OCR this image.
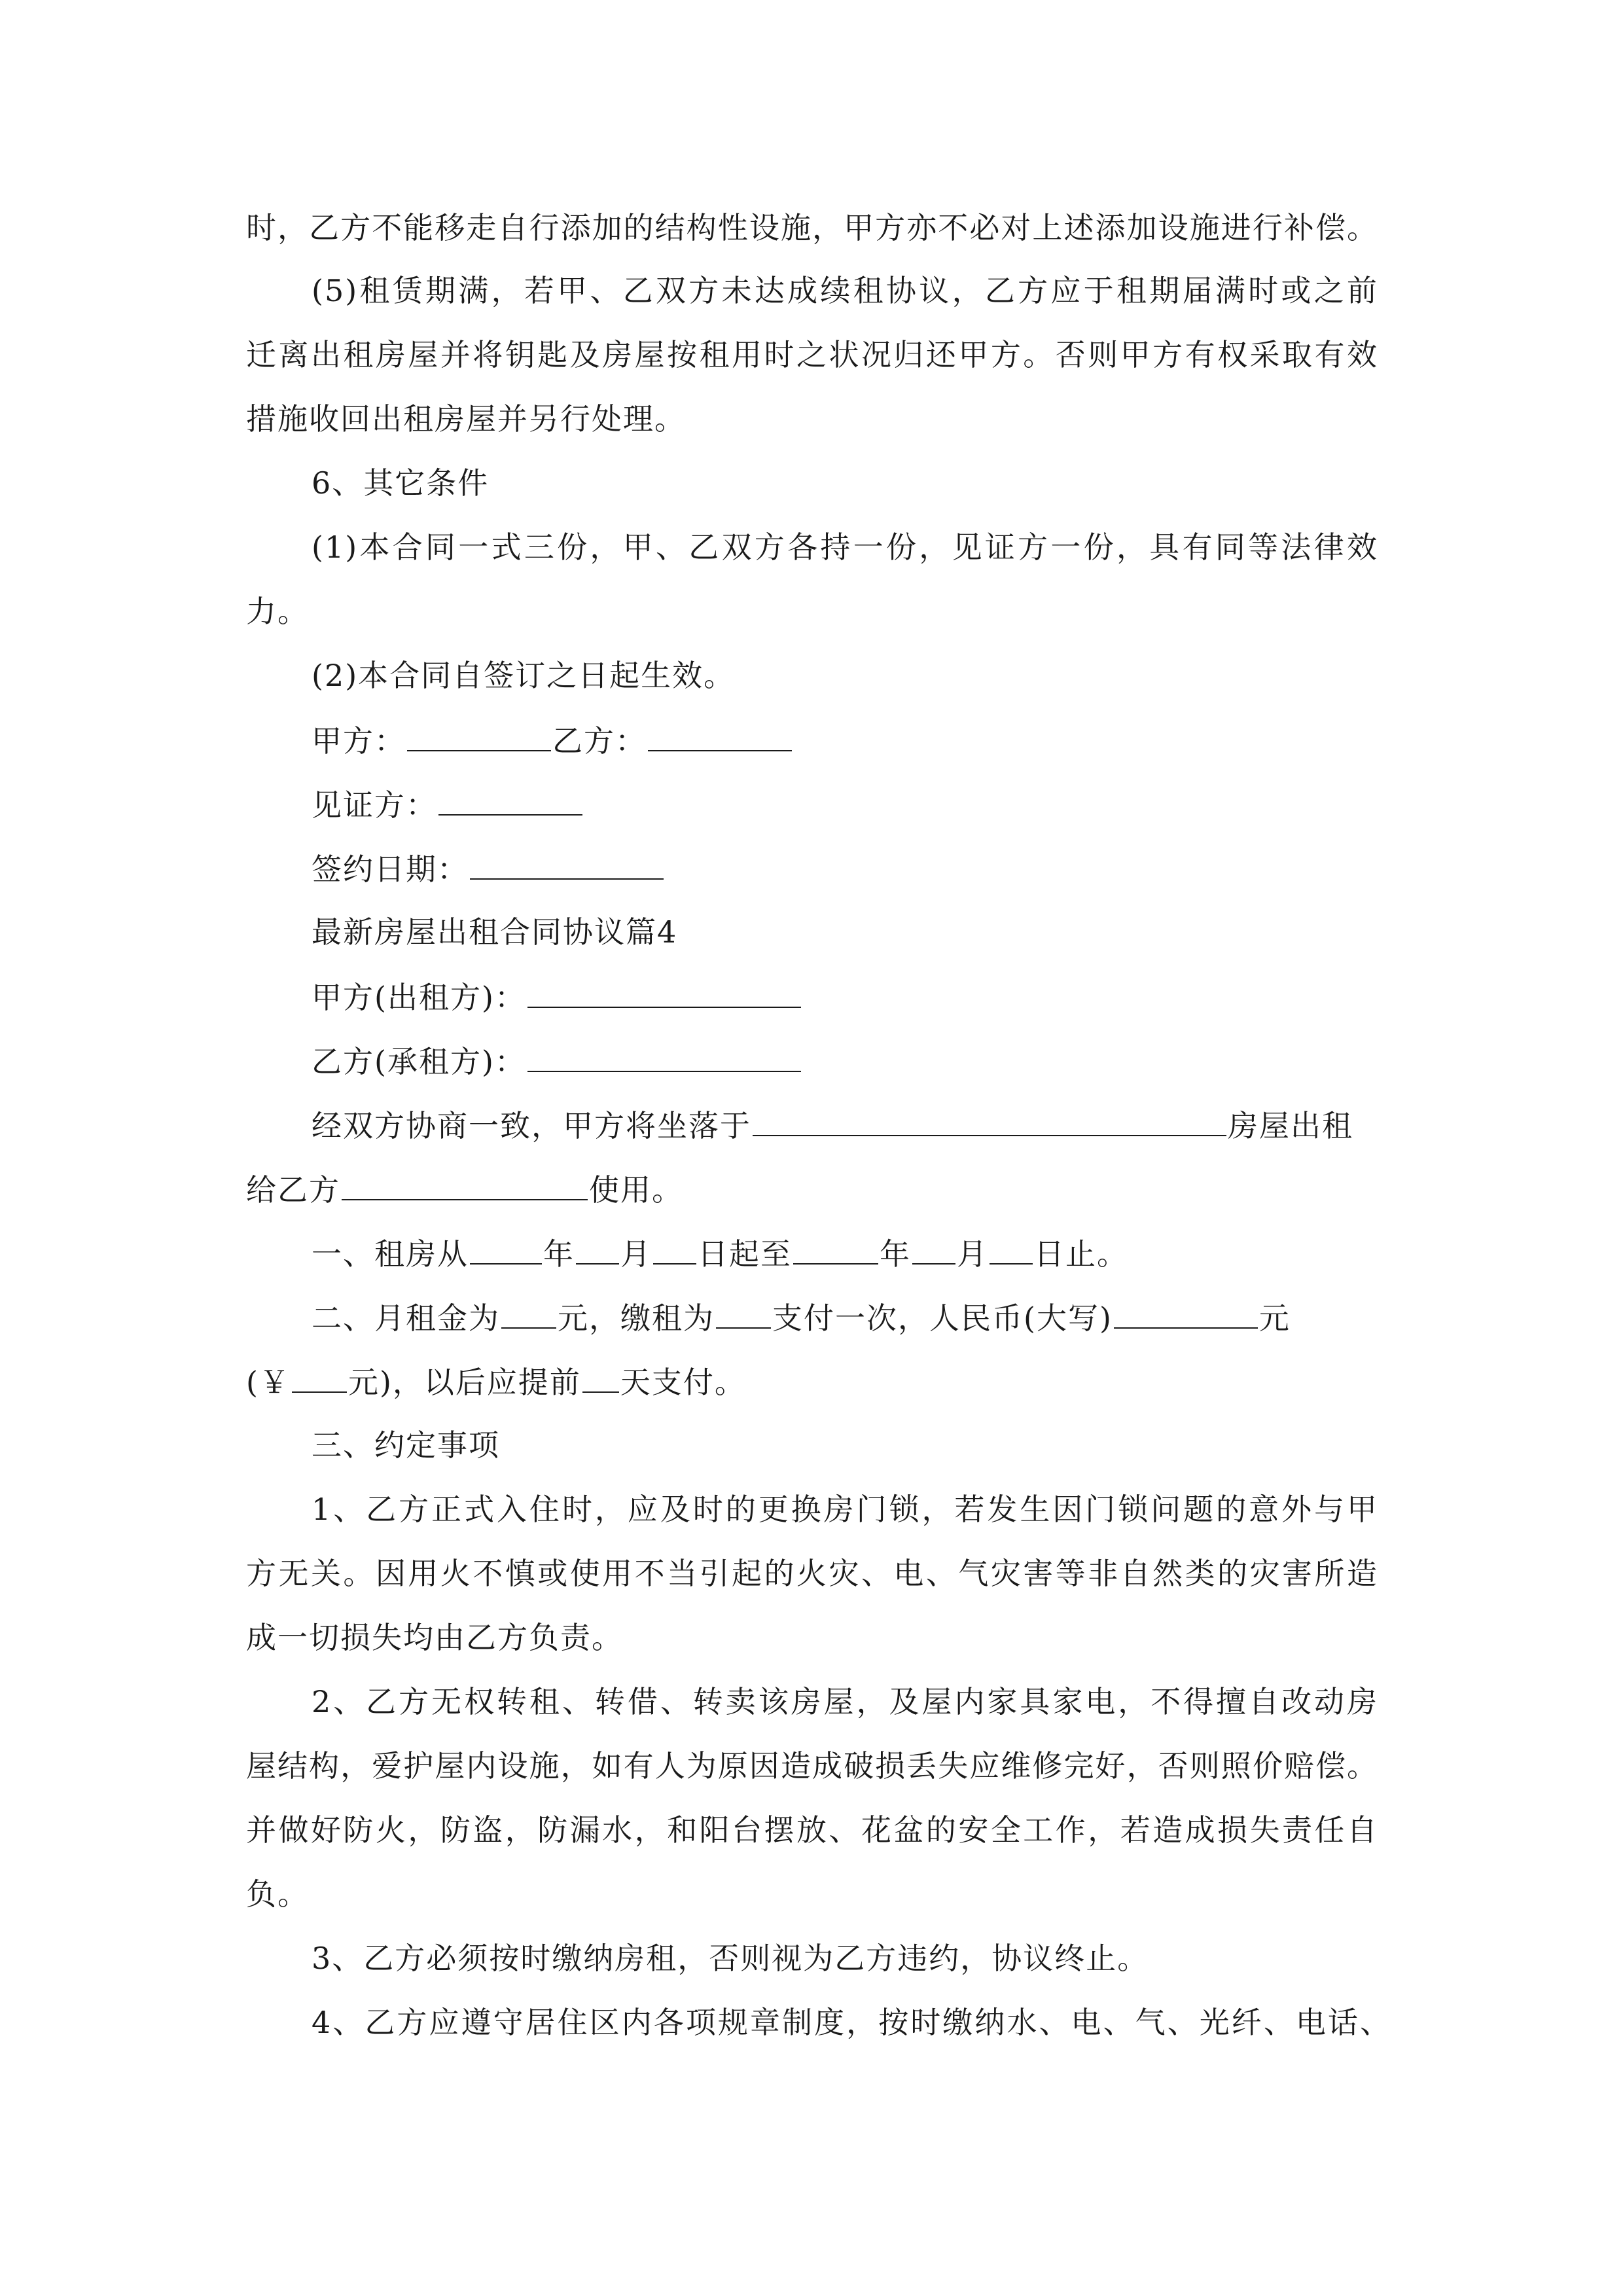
时，乙方不能移走自行添加的结构性设施，甲方亦不必对上述添加设施进行补偿。
(5)租赁期满，若甲、乙双方未达成续租协议，乙方应于租期届满时或之前
迁离出租房屋并将钥匙及房屋按租用时之状况归还甲方。否则甲方有权采取有效
措施收回出租房屋并另行处理。
6、其它条件
(1)本合同一式三份，甲、乙双方各持一份，见证方一份，具有同等法律效
力。
(2)本合同自签订之日起生效。
甲方：	乙方：
见证方：
签约日期：
最新房屋出租合同协议篇4
甲方(出租方)：
乙方(承租方)：
经双方协商一致，甲方将坐落于	房屋出租
给乙方	使用。
一、租房从 年 月 日起至	年 月 日止。
二、月租金为 元，缴租为 支付一次，人民币(大写)	元
(￥ 元)，以后应提前 天支付。
三、约定事项
1、乙方正式入住时，应及时的更换房门锁，若发生因门锁问题的意外与甲
方无关。因用火不慎或使用不当引起的火灾、电、气灾害等非自然类的灾害所造
成一切损失均由乙方负责。
2、乙方无权转租、转借、转卖该房屋，及屋内家具家电，不得擅自改动房
屋结构，爱护屋内设施，如有人为原因造成破损丢失应维修完好，否则照价赔偿。
并做好防火，防盗，防漏水，和阳台摆放、花盆的安全工作，若造成损失责任自
负。
3、乙方必须按时缴纳房租，否则视为乙方违约，协议终止。
4、乙方应遵守居住区内各项规章制度，按时缴纳水、电、气、光纤、电话、
